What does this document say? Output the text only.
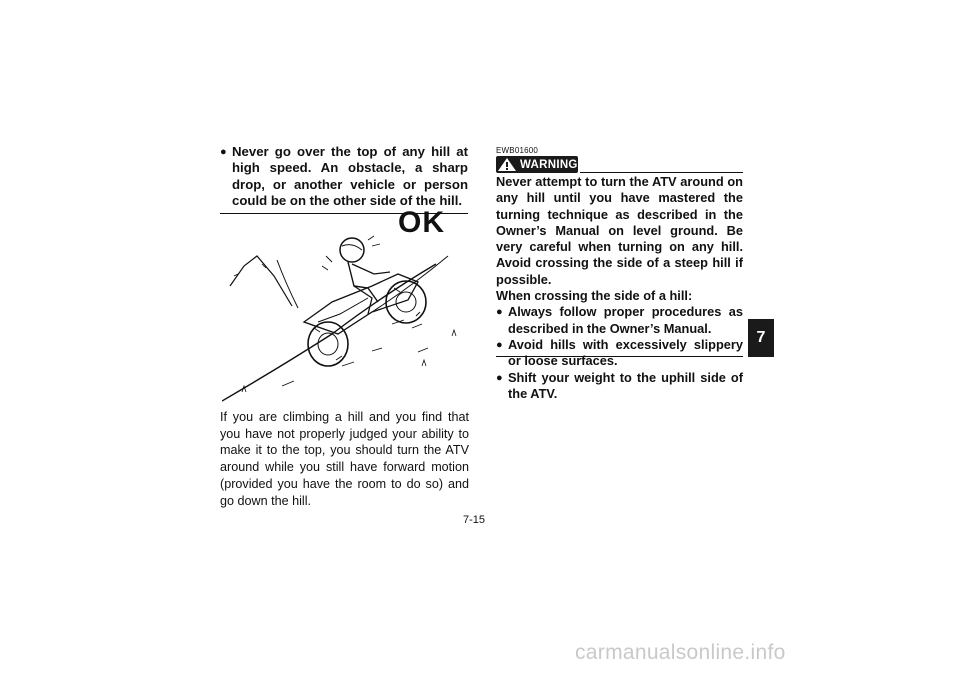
● Never go over the top of any hill at high speed. An obstacle, a sharp drop, or another vehicle or person could be on the other side of the hill.
OK
If you are climbing a hill and you find that you have not properly judged your ability to make it to the top, you should turn the ATV around while you still have forward motion (provided you have the room to do so) and go down the hill.
EWB01600
WARNING

Never attempt to turn the ATV around on any hill until you have mastered the turning technique as described in the Owner’s Manual on level ground. Be very careful when turning on any hill. Avoid crossing the side of a steep hill if possible.

When crossing the side of a hill:

● Always follow proper procedures as described in the Owner’s Manual.
● Avoid hills with excessively slippery or loose surfaces.
● Shift your weight to the uphill side of the ATV.
7
7-15
carmanualsonline.info
